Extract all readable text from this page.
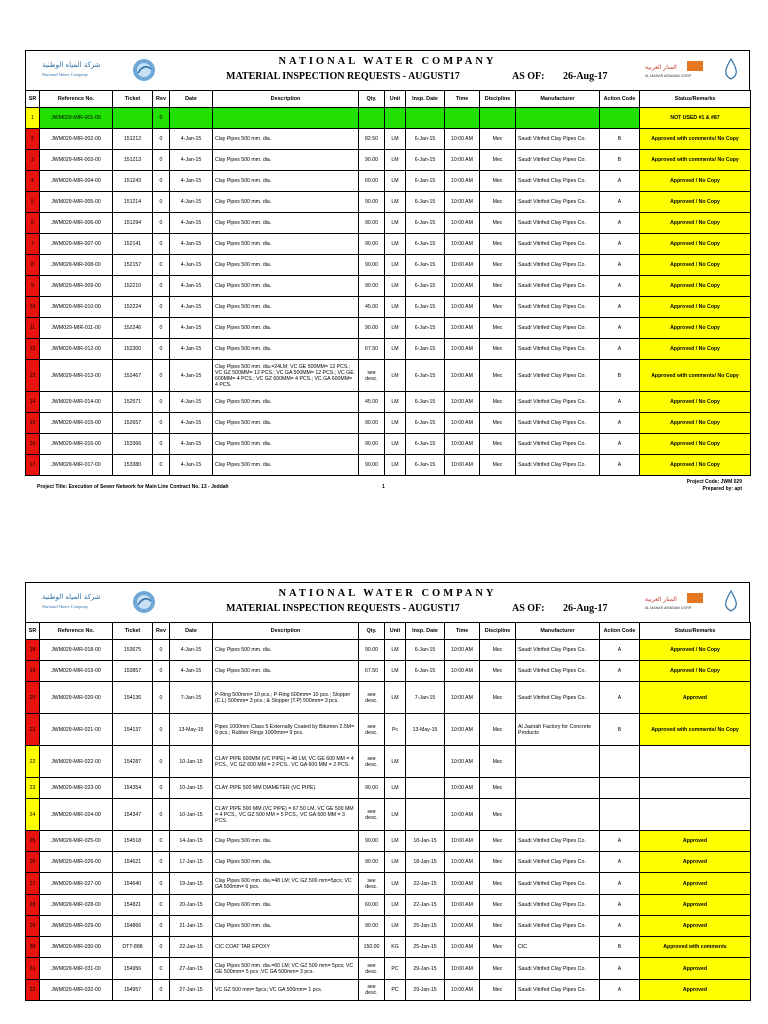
شركة المياه الوطنية
National Water Company
NATIONAL WATER COMPANY
MATERIAL INSPECTION REQUESTS - AUGUST17	AS OF: 26-Aug-17
المنار العربية
AL MANAR ARABIAN CORP.
SR	Reference No.	Ticket	Rev	Date	Description	Qty.	Unit	Insp. Date	Time	Discipline	Manufacturer	Action Code	Status/Remarks
1	JWM029-MIR-001-00		0										NOT USED #1 & #87
2	JWM029-MIR-002-00	151212	0	4-Jan-15	Clay Pipes 500 mm. dia.	82.50	LM	6-Jan-15	10:00 AM	Mec	Saudi Vitrifed Clay Pipes Co.	B	Approved with comments/ No Copy
3	JWM029-MIR-003-00	151213	0	4-Jan-15	Clay Pipes 500 mm. dia.	90.00	LM	6-Jan-15	10:00 AM	Mec	Saudi Vitrifed Clay Pipes Co.	B	Approved with comments/ No Copy
4	JWM029-MIR-004-00	151243	0	4-Jan-15	Clay Pipes 500 mm. dia.	60.00	LM	6-Jan-15	10:00 AM	Mec	Saudi Vitrifed Clay Pipes Co.	A	Approved / No Copy
5	JWM029-MIR-005-00	151214	0	4-Jan-15	Clay Pipes 500 mm. dia.	90.00	LM	6-Jan-15	10:00 AM	Mec	Saudi Vitrifed Clay Pipes Co.	A	Approved / No Copy
6	JWM029-MIR-006-00	151294	0	4-Jan-15	Clay Pipes 500 mm. dia.	90.00	LM	6-Jan-15	10:00 AM	Mec	Saudi Vitrifed Clay Pipes Co.	A	Approved / No Copy
7	JWM029-MIR-007-00	152141	0	4-Jan-15	Clay Pipes 500 mm. dia.	90.00	LM	6-Jan-15	10:00 AM	Mec	Saudi Vitrifed Clay Pipes Co.	A	Approved / No Copy
8	JWM029-MIR-008-00	152157	0	4-Jan-15	Clay Pipes 500 mm. dia.	90.00	LM	6-Jan-15	10:00 AM	Mec	Saudi Vitrifed Clay Pipes Co.	A	Approved / No Copy
9	JWM029-MIR-009-00	152210	0	4-Jan-15	Clay Pipes 500 mm. dia.	90.00	LM	6-Jan-15	10:00 AM	Mec	Saudi Vitrifed Clay Pipes Co.	A	Approved / No Copy
10	JWM029-MIR-010-00	152224	0	4-Jan-15	Clay Pipes 500 mm. dia.	45.00	LM	6-Jan-15	10:00 AM	Mec	Saudi Vitrifed Clay Pipes Co.	A	Approved / No Copy
11	JWM029-MIR-011-00	152246	0	4-Jan-15	Clay Pipes 500 mm. dia.	90.00	LM	6-Jan-15	10:00 AM	Mec	Saudi Vitrifed Clay Pipes Co.	A	Approved / No Copy
12	JWM029-MIR-012-00	152300	0	4-Jan-15	Clay Pipes 500 mm. dia.	67.50	LM	6-Jan-15	10:00 AM	Mec	Saudi Vitrifed Clay Pipes Co.	A	Approved / No Copy
13	JWM029-MIR-013-00	152467	0	4-Jan-15	Clay Pipes 500 mm. dia.=24LM; VC GE 500MM= 12 PCS.; VC GZ 500MM= 12 PCS.; VC GA 500MM= 12 PCS.; VC GE 600MM= 4 PCS.; VC GZ 600MM= 4 PCS.; VC GA 600MM= 4 PCS.	see desc.	LM	6-Jan-15	10:00 AM	Mec	Saudi Vitrifed Clay Pipes Co.	B	Approved with comments/ No Copy
14	JWM029-MIR-014-00	152571	0	4-Jan-15	Clay Pipes 500 mm. dia.	45.00	LM	6-Jan-15	10:00 AM	Mec	Saudi Vitrifed Clay Pipes Co.	A	Approved / No Copy
15	JWM029-MIR-015-00	152657	0	4-Jan-15	Clay Pipes 500 mm. dia.	90.00	LM	6-Jan-15	10:00 AM	Mec	Saudi Vitrifed Clay Pipes Co.	A	Approved / No Copy
16	JWM029-MIR-016-00	153366	0	4-Jan-15	Clay Pipes 500 mm. dia.	90.00	LM	6-Jan-15	10:00 AM	Mec	Saudi Vitrifed Clay Pipes Co.	A	Approved / No Copy
17	JWM029-MIR-017-00	153380	0	4-Jan-15	Clay Pipes 500 mm. dia.	90.00	LM	6-Jan-15	10:00 AM	Mec	Saudi Vitrifed Clay Pipes Co.	A	Approved / No Copy
Project Title: Execution of Sewer Network for Main Line Contract No. 13 - Jeddah	1
Project Code: JWM 029
Prepared by: apt
شركة المياه الوطنية
National Water Company
NATIONAL WATER COMPANY
MATERIAL INSPECTION REQUESTS - AUGUST17	AS OF: 26-Aug-17
المنار العربية
AL MANAR ARABIAN CORP.
SR	Reference No.	Ticket	Rev	Date	Description	Qty.	Unit	Insp. Date	Time	Discipline	Manufacturer	Action Code	Status/Remarks
18	JWM029-MIR-018-00	153675	0	4-Jan-15	Clay Pipes 500 mm. dia.	90.00	LM	6-Jan-15	10:00 AM	Mec	Saudi Vitrifed Clay Pipes Co.	A	Approved / No Copy
19	JWM029-MIR-019-00	153857	0	4-Jan-15	Clay Pipes 500 mm. dia.	67.50	LM	6-Jan-15	10:00 AM	Mec	Saudi Vitrifed Clay Pipes Co.	A	Approved / No Copy
20	JWM029-MIR-020-00	154136	0	7-Jan-15	P-Ring 500mm= 10 pcs.; P-Ring 600mm= 10 pcs.; Slopper (C.L) 500mm= 3 pcs.; & Slopper (T.P) 500mm= 3 pcs.	see desc.	LM	7-Jan-15	10:00 AM	Mec	Saudi Vitrifed Clay Pipes Co.	A	Approved
21	JWM029-MIR-021-00	154137	0	13-May-15	Pipes 1000mm Class 5 Externally Coated by Bitumen 2.5M= 9 pcs.; Rubber Rings 1000mm= 9 pcs.	see desc.	Pc	13-May-15	10:00 AM	Mec	Al Jazirah Factory for Concrete Products	B	Approved with comments/ No Copy
22	JWM029-MIR-022-00	154287	0	10-Jan-15	CLAY PIPE 600MM (VC PIPE) = 48 LM, VC GE 600 MM = 4 PCS., VC GZ 600 MM = 2 PCS., VC GA 600 MM = 2 PCS.	see desc.	LM		10:00 AM	Mec			
23	JWM029-MIR-023-00	154354	0	10-Jan-15	CLAY PIPE 500 MM DIAMETER (VC PIPE).	90.00	LM		10:00 AM	Mec			
24	JWM029-MIR-024-00	154347	0	10-Jan-15	CLAY PIPE 500 MM (VC PIPE) = 67.50 LM, VC GE 500 MM = 4 PCS., VC GZ 500 MM = 5 PCS., VC GA 500 MM = 3 PCS.	see desc.	LM		10:00 AM	Mec			
25	JWM029-MIR-025-00	154518	0	14-Jan-15	Clay Pipes 500 mm. dia.	90.00	LM	18-Jan-15	10:00 AM	Mec	Saudi Vitrifed Clay Pipes Co.	A	Approved
26	JWM029-MIR-026-00	154621	0	17-Jan-15	Clay Pipes 500 mm. dia.	90.00	LM	18-Jan-15	10:00 AM	Mec	Saudi Vitrifed Clay Pipes Co.	A	Approved
27	JWM029-MIR-027-00	154640	0	19-Jan-15	Clay Pipes 600 mm. dia.=48 LM; VC GZ 500 mm=5pcs; VC GA 500mm= 6 pcs.	see desc.	LM	22-Jan-15	10:00 AM	Mec	Saudi Vitrifed Clay Pipes Co.	A	Approved
28	JWM029-MIR-028-00	154821	0	20-Jan-15	Clay Pipes 600 mm. dia.	60.00	LM	22-Jan-15	10:00 AM	Mec	Saudi Vitrifed Clay Pipes Co.	A	Approved
29	JWM029-MIR-029-00	154866	0	21-Jan-15	Clay Pipes 500 mm. dia.	90.00	LM	25-Jan-15	10:00 AM	Mec	Saudi Vitrifed Clay Pipes Co.	A	Approved
30	JWM029-MIR-030-00	DTT-888	0	22-Jan-15	CIC COAT TAR EPOXY	150.00	KG	25-Jan-15	10:00 AM	Mec	CIC	B	Approved with comments
31	JWM029-MIR-031-00	154956	0	27-Jan-15	Clay Pipes 500 mm. dia.=60 LM; VC GZ 500 mm= 5pcs; VC GE 500mm= 5 pcs ;VC GA 500mm= 3 pcs.	see desc.	PC	29-Jan-15	10:00 AM	Mec	Saudi Vitrifed Clay Pipes Co.	A	Approved
32	JWM029-MIR-032-00	154957	0	27-Jan-15	VC GZ 500 mm= 5pcs; VC GA 500mm= 1 pcs.	see desc.	PC	29-Jan-15	10:00 AM	Mec	Saudi Vitrifed Clay Pipes Co.	A	Approved
